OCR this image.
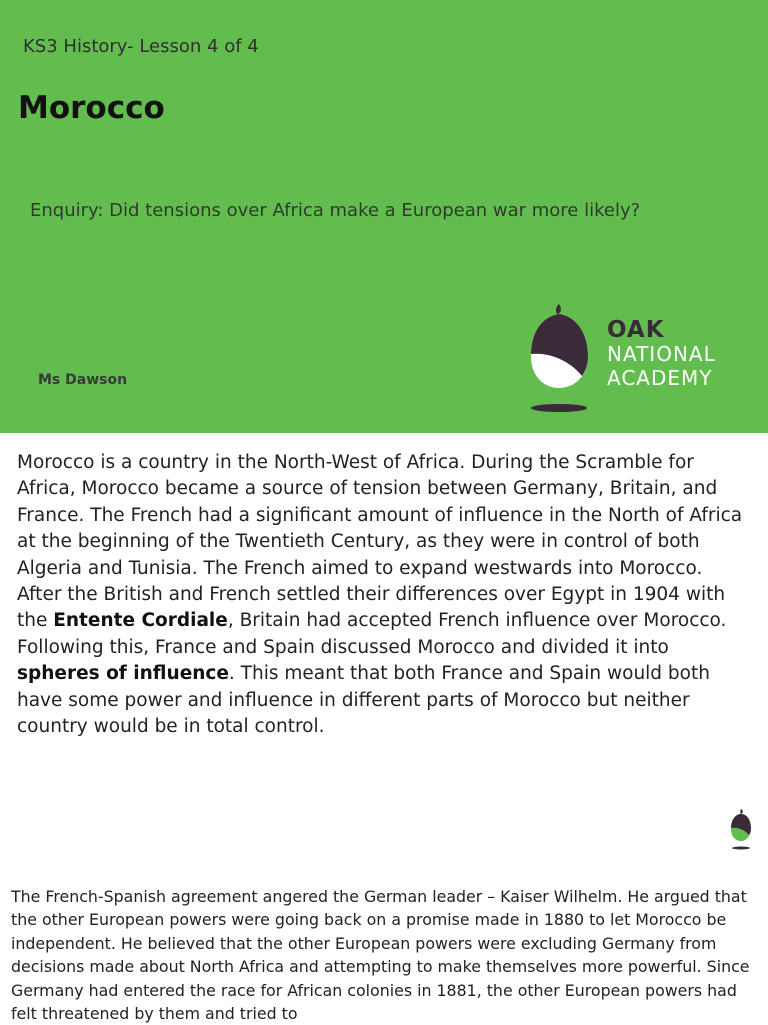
KS3 History- Lesson 4 of 4
Morocco
Enquiry: Did tensions over Africa make a European war more likely?
Ms Dawson
OAK
NATIONAL
ACADEMY
Morocco is a country in the North-West of Africa. During the Scramble for Africa, Morocco became a source of tension between Germany, Britain, and France. The French had a significant amount of influence in the North of Africa at the beginning of the Twentieth Century, as they were in control of both Algeria and Tunisia. The French aimed to expand westwards into Morocco. After the British and French settled their differences over Egypt in 1904 with the Entente Cordiale, Britain had accepted French influence over Morocco. Following this, France and Spain discussed Morocco and divided it into spheres of influence. This meant that both France and Spain would both have some power and influence in different parts of Morocco but neither country would be in total control.
The French-Spanish agreement angered the German leader – Kaiser Wilhelm. He argued that the other European powers were going back on a promise made in 1880 to let Morocco be independent. He believed that the other European powers were excluding Germany from decisions made about North Africa and attempting to make themselves more powerful. Since Germany had entered the race for African colonies in 1881, the other European powers had felt threatened by them and tried to
